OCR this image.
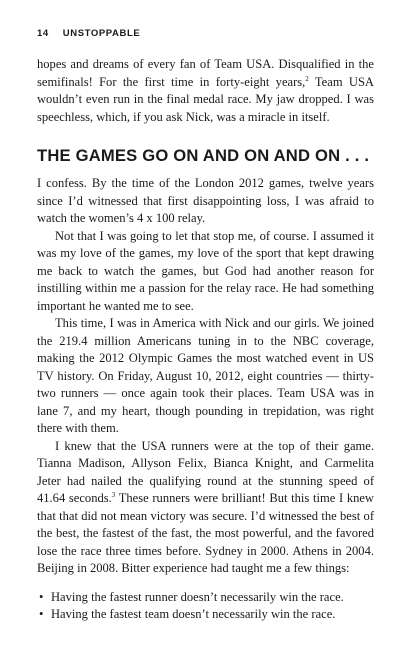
14 UNSTOPPABLE

hopes and dreams of every fan of Team USA. Disqualified in the semifinals! For the first time in forty-eight years,$^2$ Team USA wouldn’t even run in the final medal race. My jaw dropped. I was speechless, which, if you ask Nick, was a miracle in itself.

THE GAMES GO ON AND ON AND ON . . .

I confess. By the time of the London 2012 games, twelve years since I’d witnessed that first disappointing loss, I was afraid to watch the women’s 4 x 100 relay.

Not that I was going to let that stop me, of course. I assumed it was my love of the games, my love of the sport that kept drawing me back to watch the games, but God had another reason for instilling within me a passion for the relay race. He had something important he wanted me to see.

This time, I was in America with Nick and our girls. We joined the 219.4 million Americans tuning in to the NBC coverage, making the 2012 Olympic Games the most watched event in US TV history. On Friday, August 10, 2012, eight countries — thirty-two runners — once again took their places. Team USA was in lane 7, and my heart, though pounding in trepidation, was right there with them.

I knew that the USA runners were at the top of their game. Tianna Madison, Allyson Felix, Bianca Knight, and Carmelita Jeter had nailed the qualifying round at the stunning speed of 41.64 seconds.$^3$ These runners were brilliant! But this time I knew that that did not mean victory was secure. I’d witnessed the best of the best, the fastest of the fast, the most powerful, and the favored lose the race three times before. Sydney in 2000. Athens in 2004. Beijing in 2008. Bitter experience had taught me a few things:

• Having the fastest runner doesn’t necessarily win the race.
• Having the fastest team doesn’t necessarily win the race.
